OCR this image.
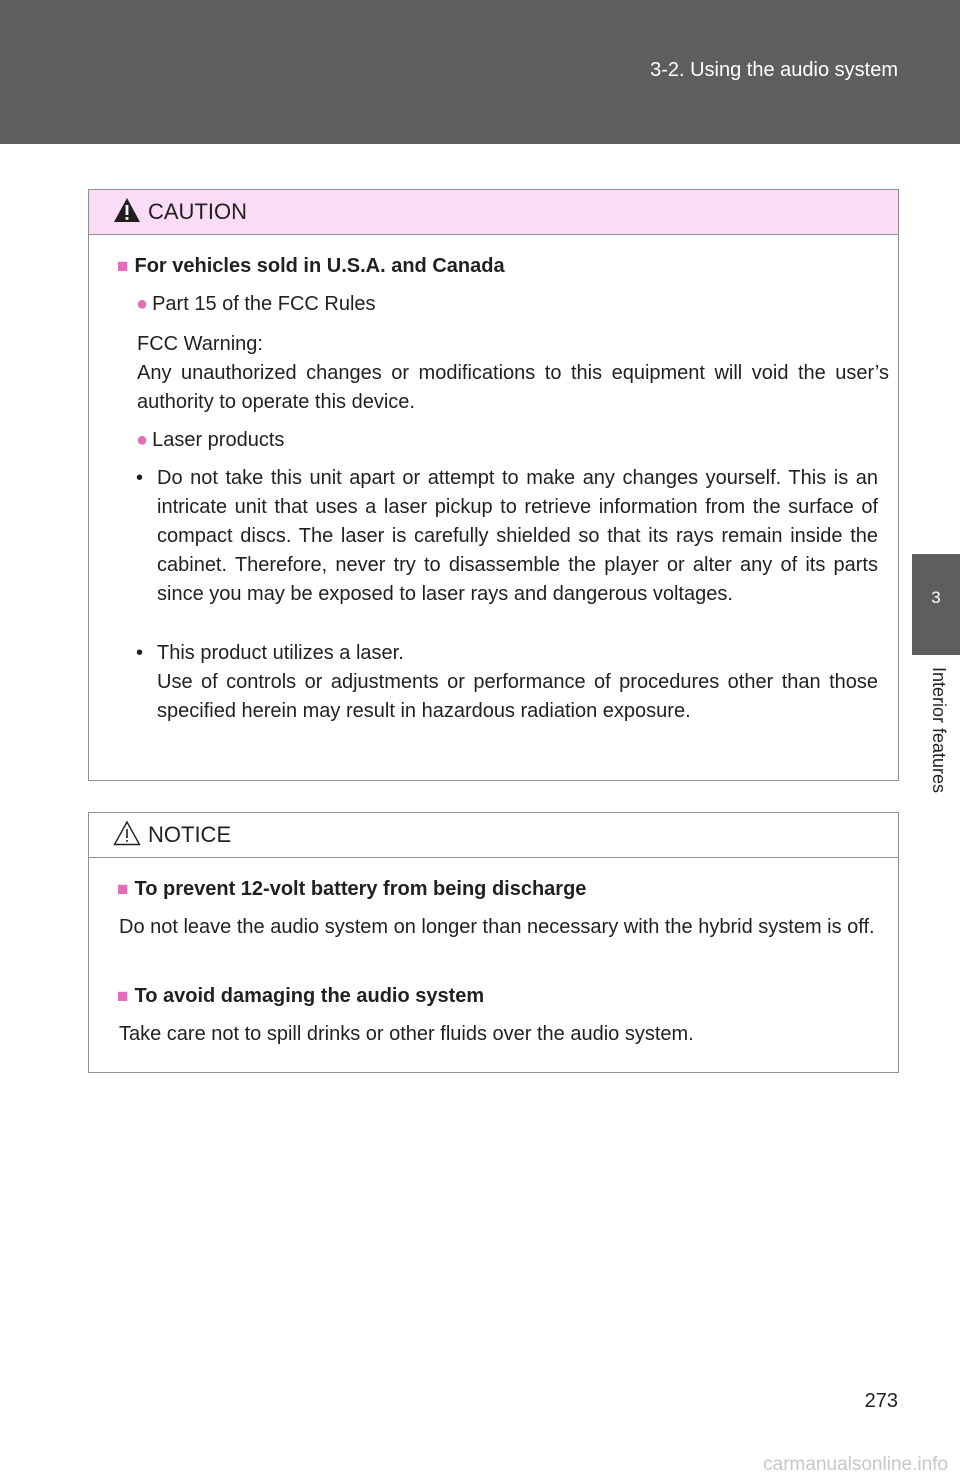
3-2. Using the audio system
3
Interior features
CAUTION
■ For vehicles sold in U.S.A. and Canada
● Part 15 of the FCC Rules
FCC Warning:
Any unauthorized changes or modifications to this equipment will void the user’s authority to operate this device.
● Laser products
• Do not take this unit apart or attempt to make any changes yourself. This is an intricate unit that uses a laser pickup to retrieve information from the surface of compact discs. The laser is carefully shielded so that its rays remain inside the cabinet. Therefore, never try to disassemble the player or alter any of its parts since you may be exposed to laser rays and dangerous voltages.
• This product utilizes a laser.
Use of controls or adjustments or performance of procedures other than those specified herein may result in hazardous radiation exposure.
NOTICE
■ To prevent 12-volt battery from being discharge
Do not leave the audio system on longer than necessary with the hybrid system is off.
■ To avoid damaging the audio system
Take care not to spill drinks or other fluids over the audio system.
273
carmanualsonline.info
